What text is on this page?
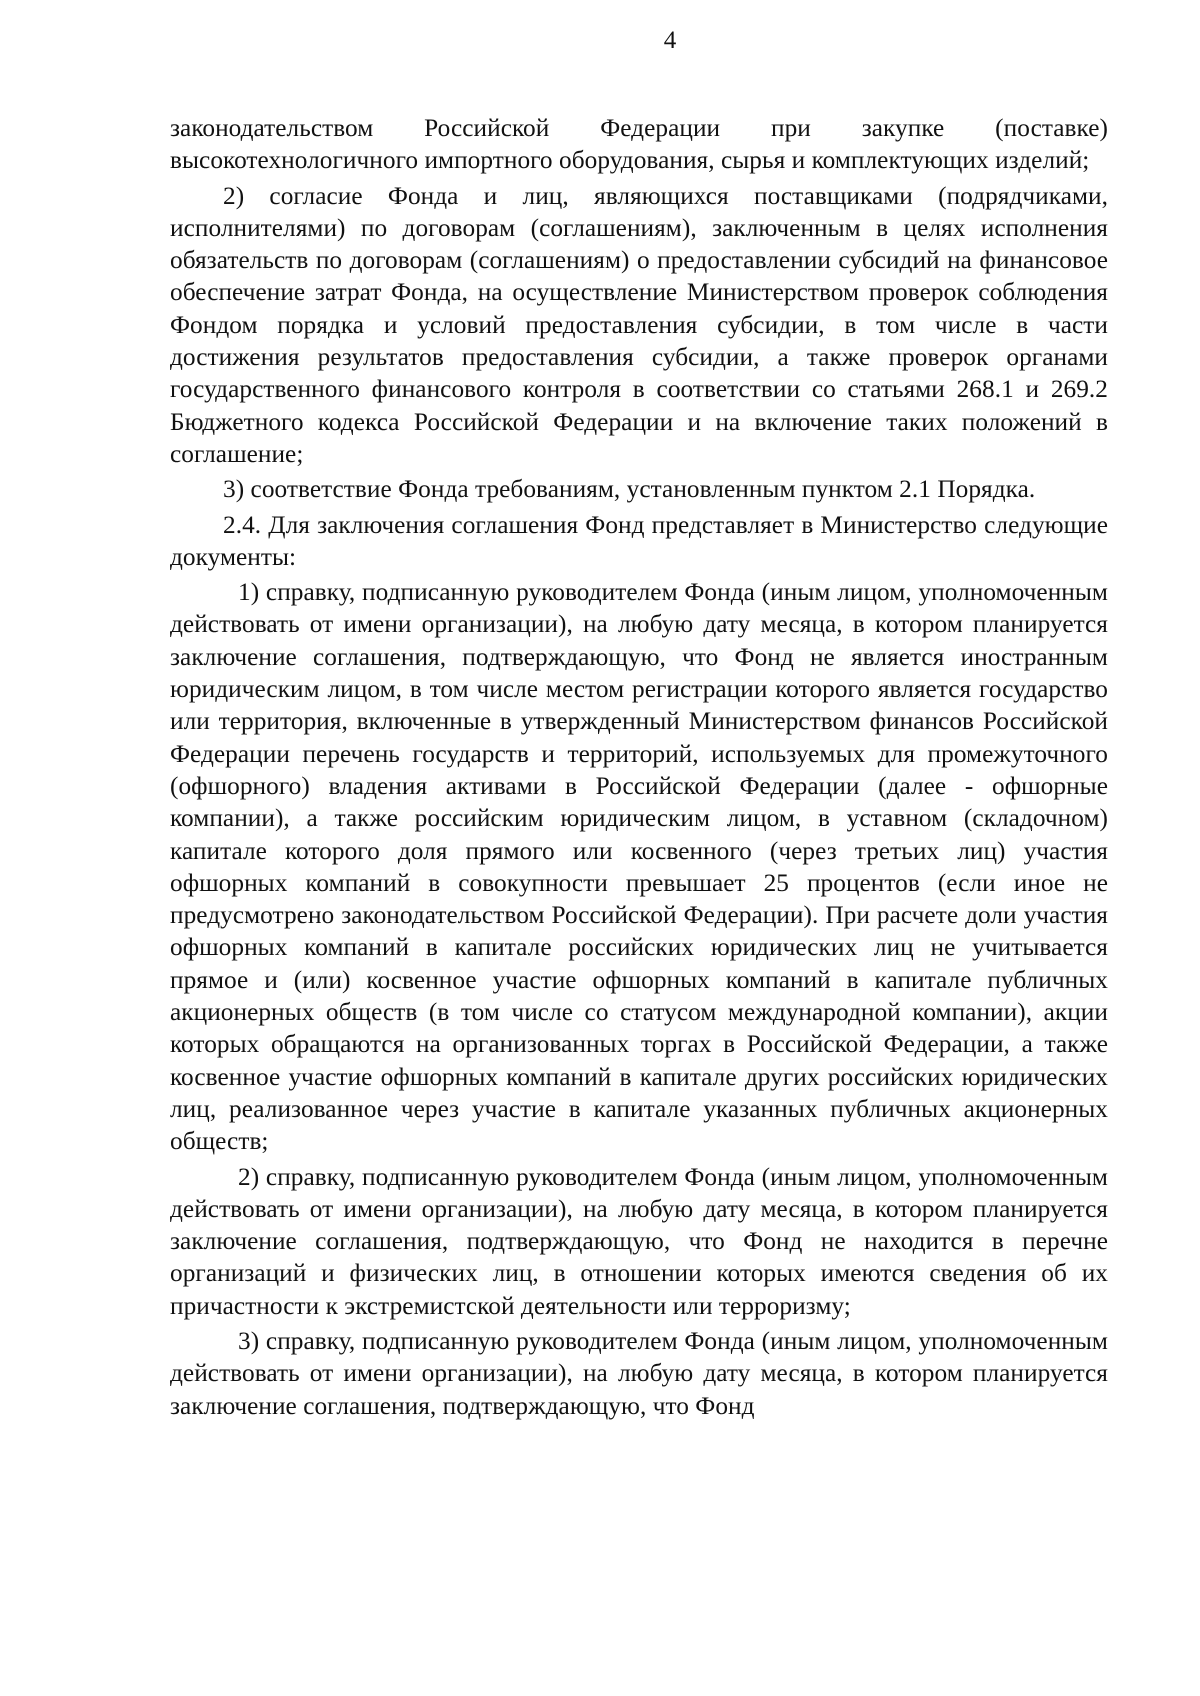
4

законодательством Российской Федерации при закупке (поставке) высокотехнологичного импортного оборудования, сырья и комплектующих изделий;

2) согласие Фонда и лиц, являющихся поставщиками (подрядчиками, исполнителями) по договорам (соглашениям), заключенным в целях исполнения обязательств по договорам (соглашениям) о предоставлении субсидий на финансовое обеспечение затрат Фонда, на осуществление Министерством проверок соблюдения Фондом порядка и условий предоставления субсидии, в том числе в части достижения результатов предоставления субсидии, а также проверок органами государственного финансового контроля в соответствии со статьями 268.1 и 269.2 Бюджетного кодекса Российской Федерации и на включение таких положений в соглашение;

3) соответствие Фонда требованиям, установленным пунктом 2.1 Порядка.

2.4. Для заключения соглашения Фонд представляет в Министерство следующие документы:

1) справку, подписанную руководителем Фонда (иным лицом, уполномоченным действовать от имени организации), на любую дату месяца, в котором планируется заключение соглашения, подтверждающую, что Фонд не является иностранным юридическим лицом, в том числе местом регистрации которого является государство или территория, включенные в утвержденный Министерством финансов Российской Федерации перечень государств и территорий, используемых для промежуточного (офшорного) владения активами в Российской Федерации (далее - офшорные компании), а также российским юридическим лицом, в уставном (складочном) капитале которого доля прямого или косвенного (через третьих лиц) участия офшорных компаний в совокупности превышает 25 процентов (если иное не предусмотрено законодательством Российской Федерации). При расчете доли участия офшорных компаний в капитале российских юридических лиц не учитывается прямое и (или) косвенное участие офшорных компаний в капитале публичных акционерных обществ (в том числе со статусом международной компании), акции которых обращаются на организованных торгах в Российской Федерации, а также косвенное участие офшорных компаний в капитале других российских юридических лиц, реализованное через участие в капитале указанных публичных акционерных обществ;

2) справку, подписанную руководителем Фонда (иным лицом, уполномоченным действовать от имени организации), на любую дату месяца, в котором планируется заключение соглашения, подтверждающую, что Фонд не находится в перечне организаций и физических лиц, в отношении которых имеются сведения об их причастности к экстремистской деятельности или терроризму;

3) справку, подписанную руководителем Фонда (иным лицом, уполномоченным действовать от имени организации), на любую дату месяца, в котором планируется заключение соглашения, подтверждающую, что Фонд
